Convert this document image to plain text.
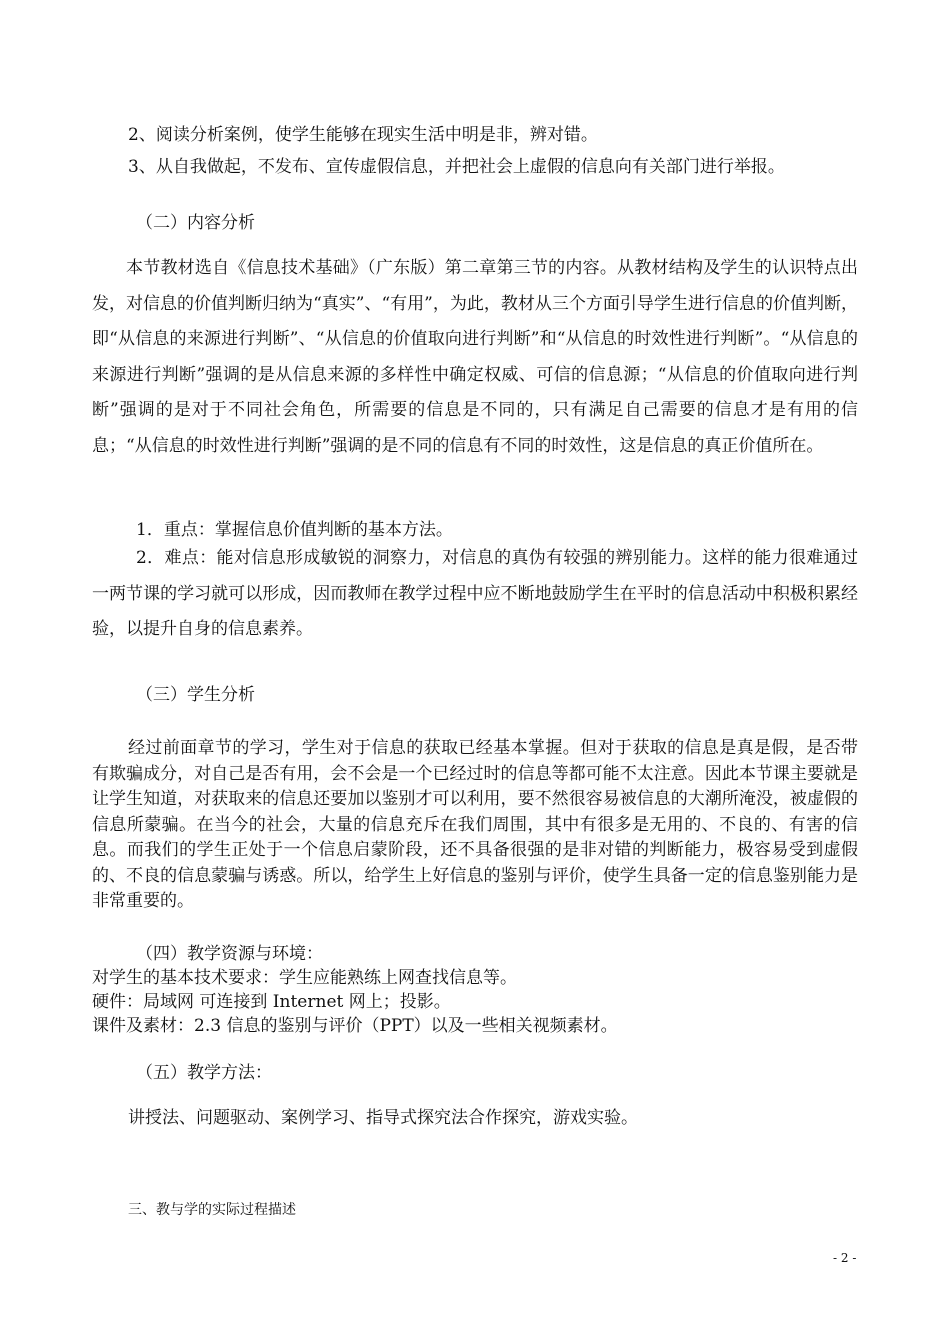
2、阅读分析案例，使学生能够在现实生活中明是非，辨对错。

3、从自我做起，不发布、宣传虚假信息，并把社会上虚假的信息向有关部门进行举报。

（二）内容分析

本节教材选自《信息技术基础》（广东版）第二章第三节的内容。从教材结构及学生的认识特点出发，对信息的价值判断归纳为“真实”、“有用”，为此，教材从三个方面引导学生进行信息的价值判断，即“从信息的来源进行判断”、“从信息的价值取向进行判断”和“从信息的时效性进行判断”。“从信息的来源进行判断”强调的是从信息来源的多样性中确定权威、可信的信息源；“从信息的价值取向进行判断”强调的是对于不同社会角色，所需要的信息是不同的，只有满足自己需要的信息才是有用的信息；“从信息的时效性进行判断”强调的是不同的信息有不同的时效性，这是信息的真正价值所在。

1．重点：掌握信息价值判断的基本方法。

2．难点：能对信息形成敏锐的洞察力，对信息的真伪有较强的辨别能力。这样的能力很难通过一两节课的学习就可以形成，因而教师在教学过程中应不断地鼓励学生在平时的信息活动中积极积累经验，以提升自身的信息素养。

（三）学生分析

经过前面章节的学习，学生对于信息的获取已经基本掌握。但对于获取的信息是真是假，是否带有欺骗成分，对自己是否有用，会不会是一个已经过时的信息等都可能不太注意。因此本节课主要就是让学生知道，对获取来的信息还要加以鉴别才可以利用，要不然很容易被信息的大潮所淹没，被虚假的信息所蒙骗。在当今的社会，大量的信息充斥在我们周围，其中有很多是无用的、不良的、有害的信息。而我们的学生正处于一个信息启蒙阶段，还不具备很强的是非对错的判断能力，极容易受到虚假的、不良的信息蒙骗与诱惑。所以，给学生上好信息的鉴别与评价，使学生具备一定的信息鉴别能力是非常重要的。

（四）教学资源与环境：

对学生的基本技术要求：学生应能熟练上网查找信息等。

硬件：局域网 可连接到 Internet 网上；投影。

课件及素材：2.3 信息的鉴别与评价（PPT）以及一些相关视频素材。

（五）教学方法：

讲授法、问题驱动、案例学习、指导式探究法合作探究，游戏实验。

三、教与学的实际过程描述

- 2 -
